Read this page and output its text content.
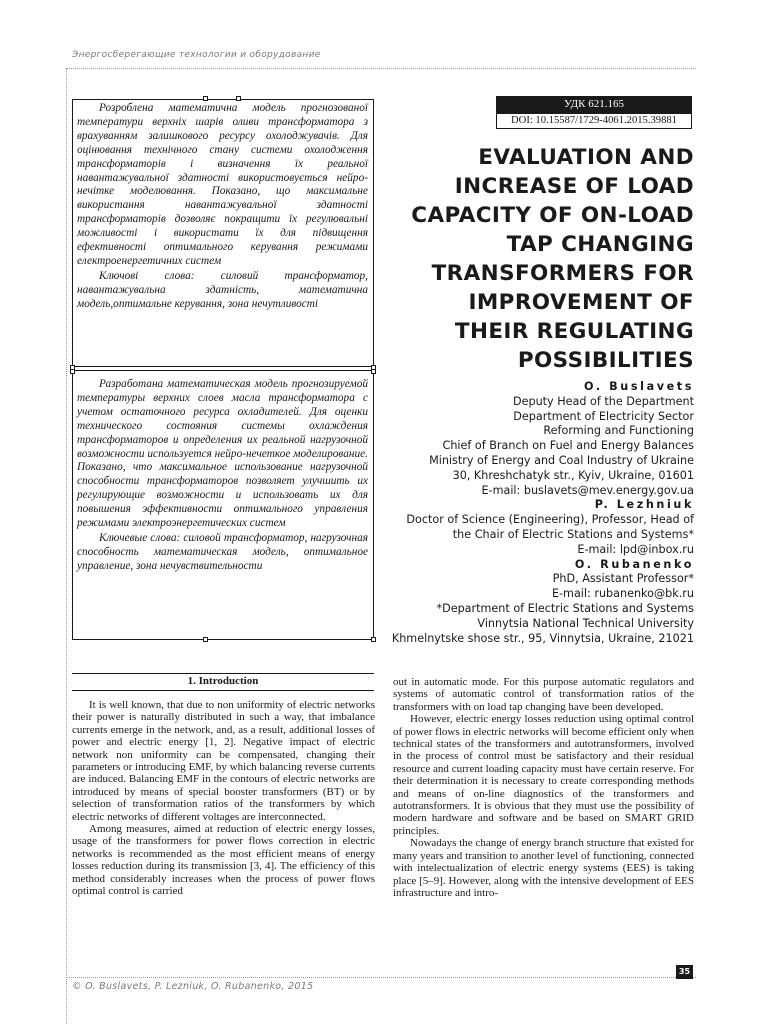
Энергосберегающие технологии и оборудование

Розроблена математична модель прогнозованої температури верхніх шарів оливи трансформатора з врахуванням залишкового ресурсу охолоджувачів. Для оцінювання технічного стану системи охолодження трансформаторів і визначення їх реальної навантажувальної здатності використовується нейро-нечітке моделювання. Показано, що максимальне використання навантажувальної здатності трансформаторів дозволяє покращити їх регулювальні можливості і використати їх для підвищення ефективності оптимального керування режимами електроенергетичних систем

Ключові слова: силовий трансформатор, навантажувальна здатність, математична модель,оптимальне керування, зона нечутливості

Разработана математическая модель прогнозируемой температуры верхних слоев масла трансформатора с учетом остаточного ресурса охладителей. Для оценки технического состояния системы охлаждения трансформаторов и определения их реальной нагрузочной возможности используется нейро-нечеткое моделирование. Показано, что максимальное использование нагрузочной способности трансформаторов позволяет улучшить их регулирующие возможности и использовать их для повышения эффективности оптимального управления режимами электроэнергетических систем

Ключевые слова: силовой трансформатор, нагрузочная способность математическая модель, оптимальное управление, зона нечувствительности

УДК 621.165
DOI: 10.15587/1729-4061.2015.39881
EVALUATION AND
INCREASE OF LOAD
CAPACITY OF ON-LOAD
TAP CHANGING
TRANSFORMERS FOR
IMPROVEMENT OF
THEIR REGULATING
POSSIBILITIES
O. Buslavets
Deputy Head of the Department
Department of Electricity Sector
Reforming and Functioning
Chief of Branch on Fuel and Energy Balances
Ministry of Energy and Coal Industry of Ukraine
30, Khreshchatyk str., Kyiv, Ukraine, 01601
E-mail: buslavets@mev.energy.gov.ua
P. Lezhniuk
Doctor of Science (Engineering), Professor, Head of
the Chair of Electric Stations and Systems*
E-mail: lpd@inbox.ru
O. Rubanenko
PhD, Assistant Professor*
E-mail: rubanenko@bk.ru
*Department of Electric Stations and Systems
Vinnytsia National Technical University
Khmelnytske shose str., 95, Vinnytsia, Ukraine, 21021
1. Introduction

It is well known, that due to non uniformity of electric networks their power is naturally distributed in such a way, that imbalance currents emerge in the network, and, as a result, additional losses of power and electric energy [1, 2]. Negative impact of electric network non uniformity can be compensated, changing their parameters or introducing EMF, by which balancing reverse currents are induced. Balancing EMF in the contours of electric networks are introduced by means of special booster transformers (BT) or by selection of transformation ratios of the transformers by which electric networks of different voltages are interconnected.

Among measures, aimed at reduction of electric energy losses, usage of the transformers for power flows correction in electric networks is recommended as the most efficient means of energy losses reduction during its transmission [3, 4]. The efficiency of this method considerably increases when the process of power flows optimal control is carried

out in automatic mode. For this purpose automatic regulators and systems of automatic control of transformation ratios of the transformers with on load tap changing have been developed.

However, electric energy losses reduction using optimal control of power flows in electric networks will become efficient only when technical states of the transformers and autotransformers, involved in the process of control must be satisfactory and their residual resource and current loading capacity must have certain reserve. For their determination it is necessary to create corresponding methods and means of on-line diagnostics of the transformers and autotransformers. It is obvious that they must use the possibility of modern hardware and software and be based on SMART GRID principles.

Nowadays the change of energy branch structure that existed for many years and transition to another level of functioning, connected with intelectualization of electric energy systems (EES) is taking place [5–9]. However, along with the intensive development of EES infrastructure and intro-

35
© O. Buslavets, P. Lezniuk, O. Rubanenko, 2015
